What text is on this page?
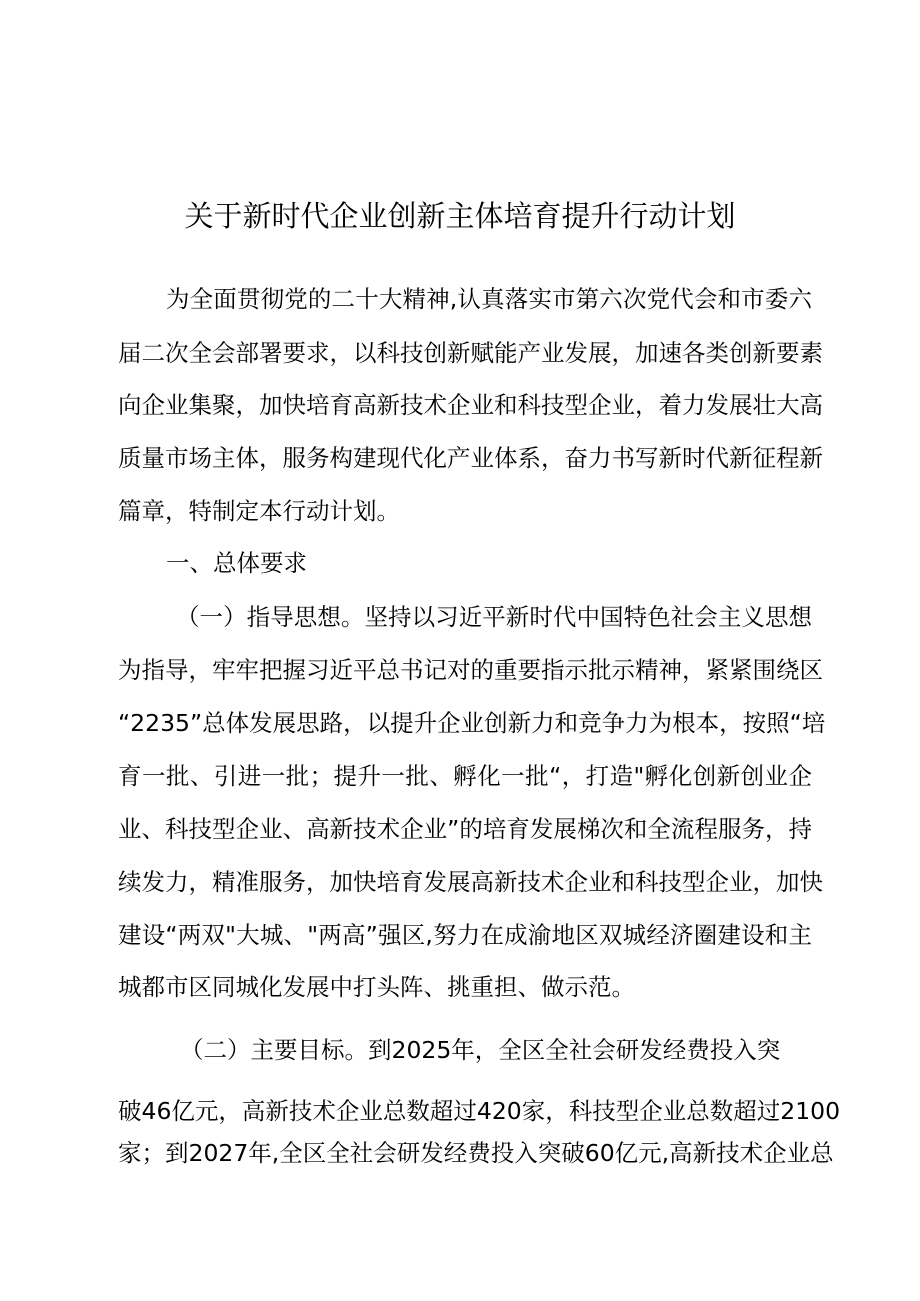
关于新时代企业创新主体培育提升行动计划

为全面贯彻党的二十大精神,认真落实市第六次党代会和市委六

届二次全会部署要求，以科技创新赋能产业发展，加速各类创新要素

向企业集聚，加快培育高新技术企业和科技型企业，着力发展壮大高

质量市场主体，服务构建现代化产业体系，奋力书写新时代新征程新

篇章，特制定本行动计划。

一、总体要求

（一）指导思想。坚持以习近平新时代中国特色社会主义思想

为指导，牢牢把握习近平总书记对的重要指示批示精神，紧紧围绕区

“2235”总体发展思路，以提升企业创新力和竞争力为根本，按照“培

育一批、引进一批；提升一批、孵化一批“，打造"孵化创新创业企

业、科技型企业、高新技术企业”的培育发展梯次和全流程服务，持

续发力，精准服务，加快培育发展高新技术企业和科技型企业，加快

建设“两双"大城、"两高”强区,努力在成渝地区双城经济圈建设和主

城都市区同城化发展中打头阵、挑重担、做示范。

（二）主要目标。到2025年，全区全社会研发经费投入突

破46亿元，高新技术企业总数超过420家，科技型企业总数超过2100

家；到2027年,全区全社会研发经费投入突破60亿元,高新技术企业总
